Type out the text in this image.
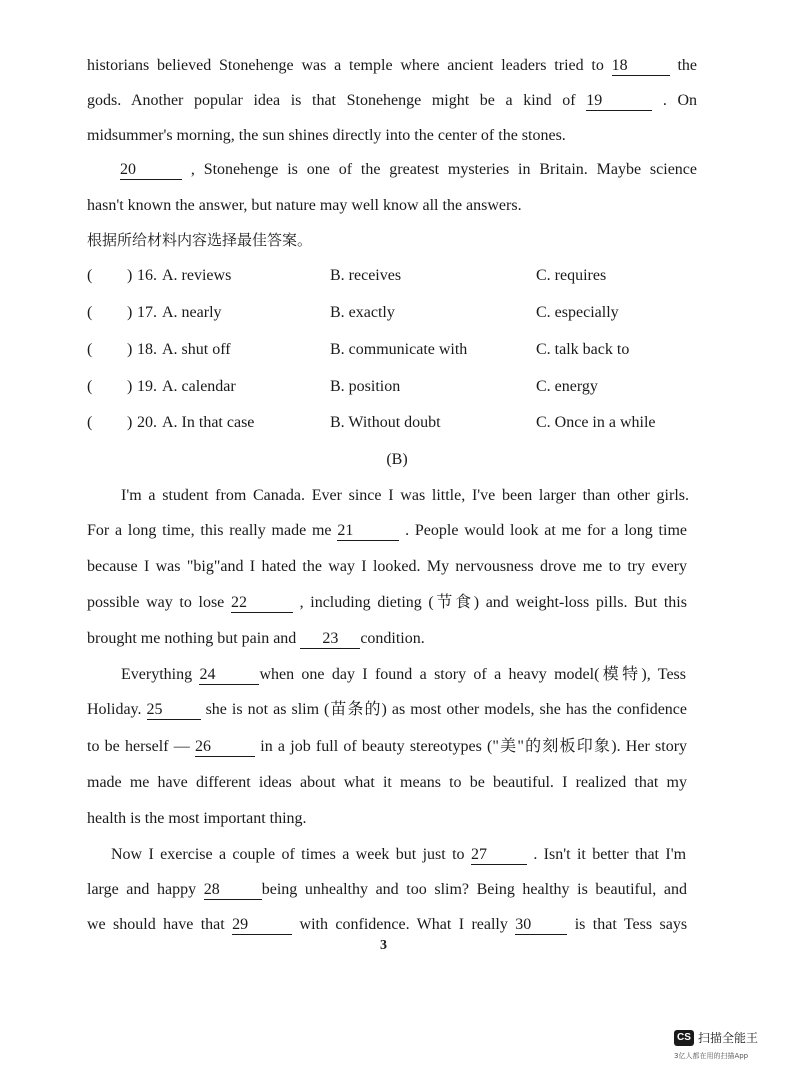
historians believed Stonehenge was a temple where ancient leaders tried to 18	the
gods. Another popular idea is that Stonehenge might be a kind of 19	. On
midsummer's morning, the sun shines directly into the center of the stones.
20	, Stonehenge is one of the greatest mysteries in Britain. Maybe science
hasn't known the answer, but nature may well know all the answers.
根据所给材料内容选择最佳答案。
( ) 16. A. reviews	B. receives	C. requires
( ) 17. A. nearly	B. exactly	C. especially
( ) 18. A. shut off	B. communicate with	C. talk back to
( ) 19. A. calendar	B. position	C. energy
( ) 20. A. In that case	B. Without doubt	C. Once in a while
(B)
I'm a student from Canada. Ever since I was little, I've been larger than other girls.
For a long time, this really made me 21	. People would look at me for a long time
because I was "big"and I hated the way I looked. My nervousness drove me to try every
possible way to lose 22	, including dieting (节食) and weight-loss pills. But this
brought me nothing but pain and 23 condition.
Everything 24	when one day I found a story of a heavy model(模特), Tess
Holiday. 25	she is not as slim (苗条的) as most other models, she has the confidence
to be herself — 26	in a job full of beauty stereotypes ("美"的刻板印象). Her story
made me have different ideas about what it means to be beautiful. I realized that my
health is the most important thing.
Now I exercise a couple of times a week but just to 27	. Isn't it better that I'm
large and happy 28	being unhealthy and too slim? Being healthy is beautiful, and
we should have that 29	with confidence. What I really 30	is that Tess says
3
CS 扫描全能王
3亿人都在用的扫描App
